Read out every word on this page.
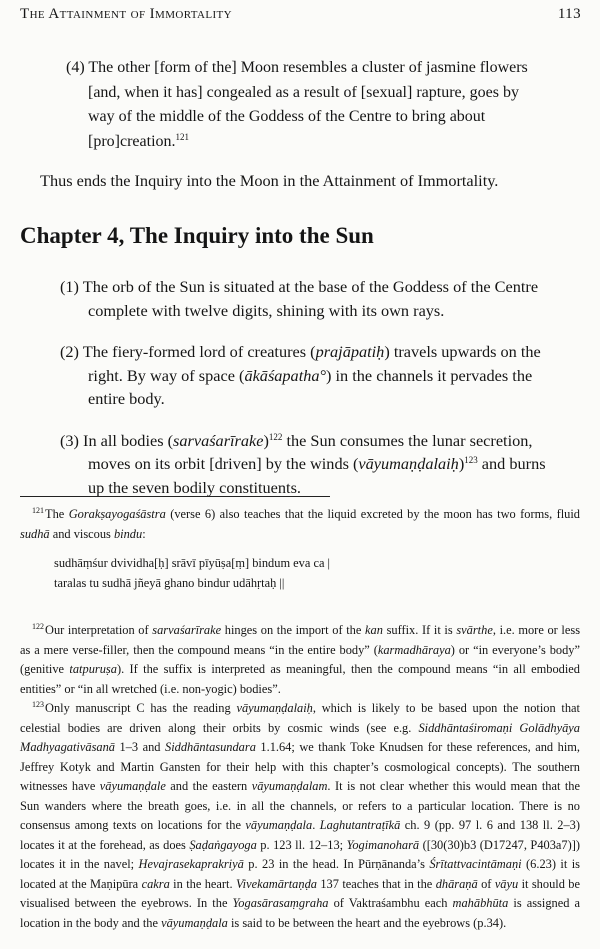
The Attainment of Immortality	113

(4) The other [form of the] Moon resembles a cluster of jasmine flowers [and, when it has] congealed as a result of [sexual] rapture, goes by way of the middle of the Goddess of the Centre to bring about [pro]creation.$^{121}$

Thus ends the Inquiry into the Moon in the Attainment of Immortality.

Chapter 4, The Inquiry into the Sun

(1) The orb of the Sun is situated at the base of the Goddess of the Centre complete with twelve digits, shining with its own rays.

(2) The fiery-formed lord of creatures (prajāpatiḥ) travels upwards on the right. By way of space (ākāśapatha°) in the channels it pervades the entire body.

(3) In all bodies (sarvaśarīrake)$^{122}$ the Sun consumes the lunar secretion, moves on its orbit [driven] by the winds (vāyumaṇḍalaiḥ)$^{123}$ and burns up the seven bodily constituents.

$^{121}$The Gorakṣayogaśāstra (verse 6) also teaches that the liquid excreted by the moon has two forms, fluid sudhā and viscous bindu:

sudhāṃśur dvividha[ḥ] srāvī pīyūṣa[ṃ] bindum eva ca |
taralas tu sudhā jñeyā ghano bindur udāhṛtaḥ ||

$^{122}$Our interpretation of sarvaśarīrake hinges on the import of the kan suffix. If it is svārthe, i.e. more or less as a mere verse-filler, then the compound means “in the entire body” (karmadhāraya) or “in everyone’s body” (genitive tatpuruṣa). If the suffix is interpreted as meaningful, then the compound means “in all embodied entities” or “in all wretched (i.e. non-yogic) bodies”.

$^{123}$Only manuscript C has the reading vāyumaṇḍalaiḥ, which is likely to be based upon the notion that celestial bodies are driven along their orbits by cosmic winds (see e.g. Siddhāntaśiromaṇi Golādhyāya Madhyagativāsanā 1–3 and Siddhāntasundara 1.1.64; we thank Toke Knudsen for these references, and him, Jeffrey Kotyk and Martin Gansten for their help with this chapter’s cosmological concepts). The southern witnesses have vāyumaṇḍale and the eastern vāyumaṇḍalam. It is not clear whether this would mean that the Sun wanders where the breath goes, i.e. in all the channels, or refers to a particular location. There is no consensus among texts on locations for the vāyumaṇḍala. Laghutantraṭīkā ch. 9 (pp. 97 l. 6 and 138 ll. 2–3) locates it at the forehead, as does Ṣaḍaṅgayoga p. 123 ll. 12–13; Yogimanoharā ([30(30)b3 (D17247, P403a7)]) locates it in the navel; Hevajrasekaprakriyā p. 23 in the head. In Pūrṇānanda’s Śrītattvacintāmaṇi (6.23) it is located at the Maṇipūra cakra in the heart. Vivekamārtaṇḍa 137 teaches that in the dhāraṇā of vāyu it should be visualised between the eyebrows. In the Yogasārasaṃgraha of Vaktraśambhu each mahābhūta is assigned a location in the body and the vāyumaṇḍala is said to be between the heart and the eyebrows (p.34).
